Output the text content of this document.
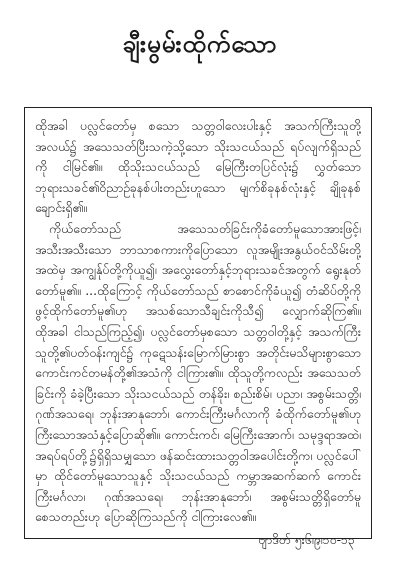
ချီးမွမ်းထိုက်သော

ထိုအခါ ပလ္လင်တော်မှ စသော သတ္တဝါလေးပါးနှင့် အသက်ကြီးသူတို့ အလယ်၌ အသေသတ်ပြီးသကဲ့သို့သော သိုးသငယ်သည် ရပ်လျက်ရှိသည်ကို ငါမြင်၏။ ထိုသိုးသငယ်သည် မြေကြီးတပြင်လုံး၌ လွှတ်သော ဘုရားသခင်၏ဝိညာဉ်ခုနစ်ပါးတည်းဟူသော မျက်စိခုနစ်လုံးနှင့် ချိုခုနစ်ချောင်းရှိ၏။

ကိုယ်တော်သည် အသေသတ်ခြင်းကိုခံတော်မူသောအားဖြင့်၊ အသီးအသီးသော ဘာသာစကားကိုပြောသော လူအမျိုးအနွယ်ဝင်သိမ်းတို့အထဲမှ အကျွန်ုပ်တို့ကိုယူ၍၊ အလွှေးတော်နှင့်ဘုရားသခင်အတွက် ရွေးနုတ်တော်မူ၏။ ...ထိုကြောင့် ကိုယ်တော်သည် စာစောင်ကိုခံယူ၍ တံဆိပ်တို့ကိုဖွင့်ထိုက်တော်မူ၏ဟု အသစ်သောသီချင်းကိုသီ၍ လျှောက်ဆိုကြ၏။ ထိုအခါ ငါသည်ကြည့်၍၊ ပလ္လင်တော်မှစသော သတ္တဝါတို့နှင့် အသက်ကြီးသူတို့၏ပတ်ဝန်းကျင်၌ ကုဋေသန်းမြောက်မြားစွာ အတိုင်းမသိများစွာသော ကောင်းကင်တမန်တို့၏အသံကို ငါကြား၏။ ထိုသူတို့ကလည်း အသေသတ်ခြင်းကို ခံခဲ့ပြီးသော သိုးသငယ်သည် တန်ခိုး၊ စည်းစိမ်၊ ပညာ၊ အစွမ်းသတ္တိ၊ ဂုဏ်အသရေ၊ ဘုန်းအာနုဘော်၊ ကောင်းကြီးမင်္ဂလာကို ခံထိုက်တော်မူ၏ဟု ကြီးသောအသံနှင့်ပြောဆို၏။ ကောင်းကင်၊ မြေကြီးအောက်၊ သမုဒ္ဒရာအထဲ၊ အရပ်ရပ်တို့၌ရှိရှိသမျှသော ဖန်ဆင်းထားသတ္တဝါအပေါင်းတို့က၊ ပလ္လင်ပေါ်မှာ ထိုင်တော်မူသောသူနှင့် သိုးသငယ်သည် ကမ္ဘာအဆက်ဆက် ကောင်းကြီးမင်္ဂလာ၊ ဂုဏ်အသရေ၊ ဘုန်းအာနုဘော်၊ အစွမ်းသတ္တိရှိတော်မူစေသတည်းဟု ပြောဆိုကြသည်ကို ငါကြားလေ၏။

ဗျာဒိတ် ၅း၆၊၉၊၁၀-၁၃
